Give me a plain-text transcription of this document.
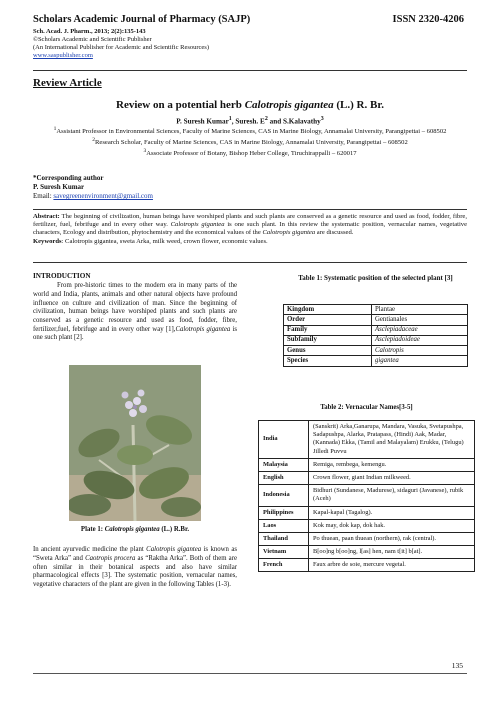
Scholars Academic Journal of Pharmacy (SAJP)	ISSN 2320-4206
Sch. Acad. J. Pharm., 2013; 2(2):135-143
©Scholars Academic and Scientific Publisher
(An International Publisher for Academic and Scientific Resources)
www.saspublisher.com
Review Article
Review on a potential herb Calotropis gigantea (L.) R. Br.
P. Suresh Kumar$^1$, Suresh. $E^2$ and S.Kalavathy$^3$
$^1$Assistant Professor in Environmental Sciences, Faculty of Marine Sciences, CAS in Marine Biology, Annamalai University, Parangipettai – 608502
$^2$Research Scholar, Faculty of Marine Sciences, CAS in Marine Biology, Annamalai University, Parangipettai – 608502
$^3$Associate Professor of Botany, Bishop Heber College, Tiruchirappalli – 620017
*Corresponding author
P. Suresh Kumar
Email: savegreenenvironment@gmail.com
Abstract: The beginning of civilization, human beings have worshiped plants and such plants are conserved as a genetic resource and used as food, fodder, fibre, fertilizer, fuel, febrifuge and in every other way. Calotropis gigantea is one such plant. In this review the systematic position, vernacular names, vegetative characters, Ecology and distribution, phytochemistry and the economical values of the Calotropis gigantea are discussed.
Keywords: Calotropis gigantea, sweta Arka, milk weed, crown flower, economic values.
INTRODUCTION
From pre-historic times to the modern era in many parts of the world and India, plants, animals and other natural objects have profound influence on culture and civilization of man. Since the beginning of civilization, human beings have worshiped plants and such plants are conserved as a genetic resource and used as food, fodder, fibre, fertilizer,fuel, febrifuge and in every other way [1],Calotropis gigantea is one such plant [2].
Plate 1: Calotropis gigantea (L.) R.Br.
In ancient ayurvedic medicine the plant Calotropis gigantea is known as “Sweta Arka” and Caotropis procera as “Raktha Arka”. Both of them are often similar in their botanical aspects and also have similar pharmacological effects [3]. The systematic position, vernacular names, vegetative characters of the plant are given in the following Tables (1-3).
Table 1: Systematic position of the selected plant [3]
Kingdom	Plantae
Order	Gentianales
Family	Asclepiadaceae
Subfamily	Asclepiadoideae
Genus	Calotropis
Species	gigantea
Table 2: Vernacular Names[3-5]
India	(Sanskrit) Arka,Ganarupa, Mandara, Vasuka, Svetapushpa, Sadapushpa, Alarka, Pratapass, (Hindi) Aak, Madar, (Kannada) Ekka, (Tamil and Malayalam) Erukku, (Telugu) Jilledi Puvvu
Malaysia	Remiga, rembega, kemengu.
English	Crown flower, giant Indian milkweed.
Indonesia	Bidhuri (Sundanese, Madurese), sidaguri (Javanese), rubik (Aceh)
Philippines	Kapal-kapal (Tagalog).
Laos	Kok may, dok kap, dok hak.
Thailand	Po thuean, paan thuean (northern), rak (central).
Vietnam	B[oo]ng b[oo]ng, l[as] hen, nam t[it] b[at].
French	Faux arbre de soie, mercure vegetal.
135
